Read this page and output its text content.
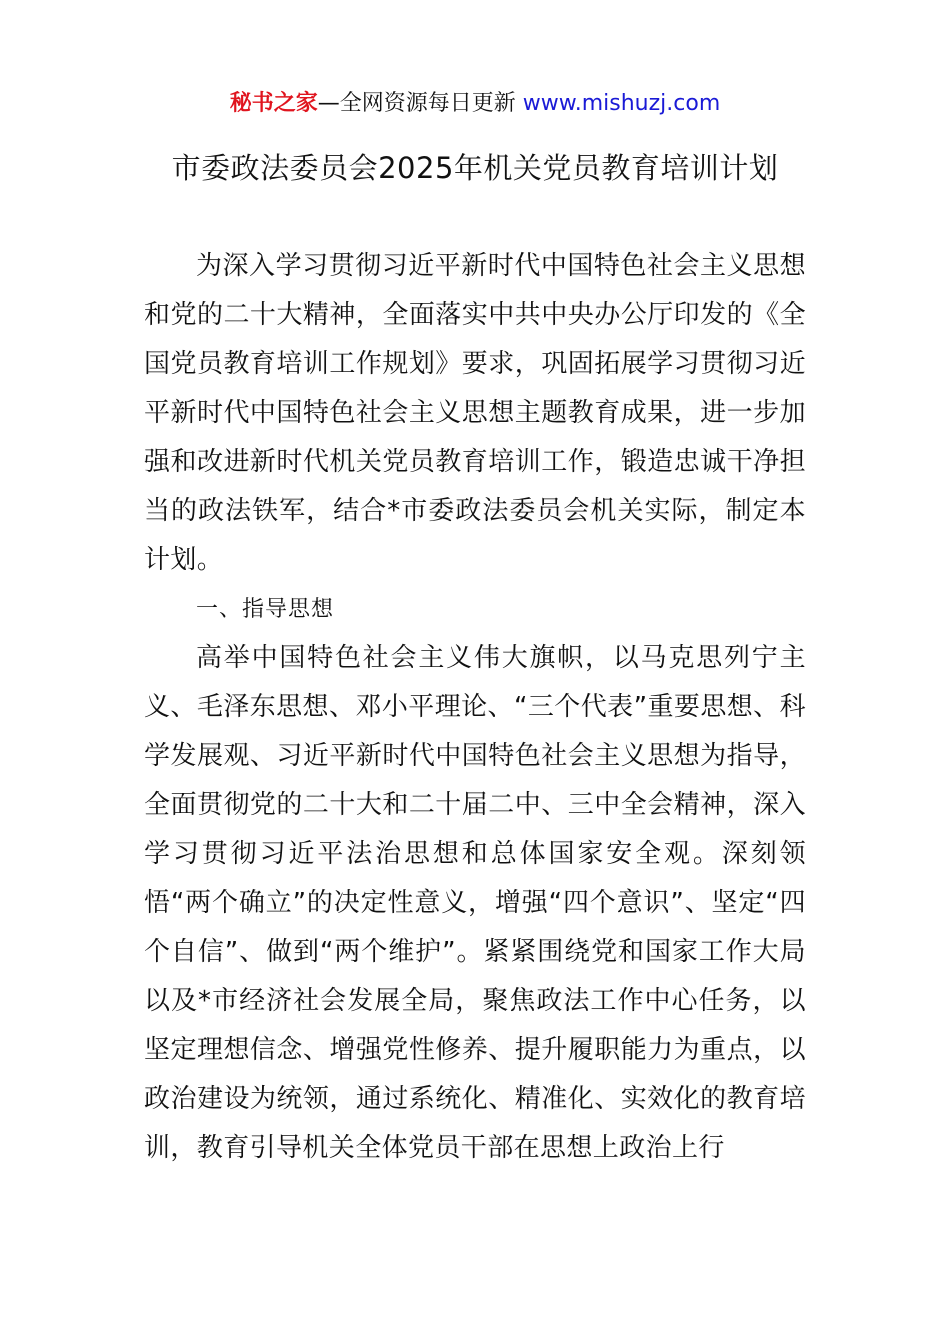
秘书之家—全网资源每日更新 www.mishuzj.com
市委政法委员会2025年机关党员教育培训计划

为深入学习贯彻习近平新时代中国特色社会主义思想和党的二十大精神，全面落实中共中央办公厅印发的《全国党员教育培训工作规划》要求，巩固拓展学习贯彻习近平新时代中国特色社会主义思想主题教育成果，进一步加强和改进新时代机关党员教育培训工作，锻造忠诚干净担当的政法铁军，结合*市委政法委员会机关实际，制定本计划。

一、指导思想

高举中国特色社会主义伟大旗帜，以马克思列宁主义、毛泽东思想、邓小平理论、“三个代表”重要思想、科学发展观、习近平新时代中国特色社会主义思想为指导，全面贯彻党的二十大和二十届二中、三中全会精神，深入学习贯彻习近平法治思想和总体国家安全观。深刻领悟“两个确立”的决定性意义，增强“四个意识”、坚定“四个自信”、做到“两个维护”。紧紧围绕党和国家工作大局以及*市经济社会发展全局，聚焦政法工作中心任务，以坚定理想信念、增强党性修养、提升履职能力为重点，以政治建设为统领，通过系统化、精准化、实效化的教育培训，教育引导机关全体党员干部在思想上政治上行
